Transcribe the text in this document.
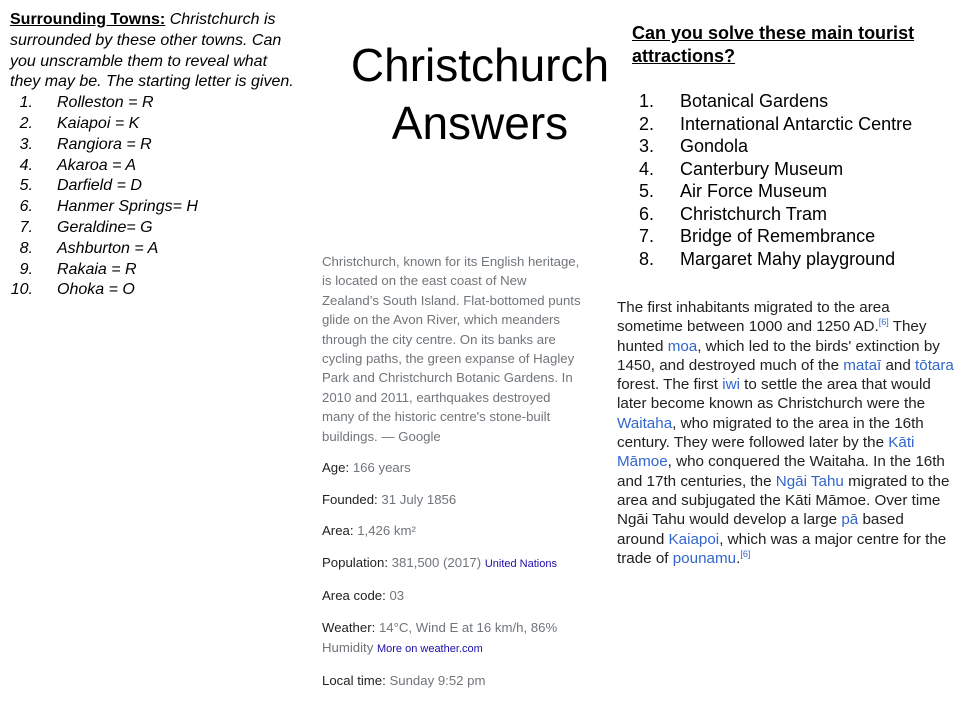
Surrounding Towns: Christchurch is surrounded by these other towns. Can you unscramble them to reveal what they may be. The starting letter is given.
1. Rolleston = R
2. Kaiapoi = K
3. Rangiora = R
4. Akaroa = A
5. Darfield = D
6. Hanmer Springs= H
7. Geraldine= G
8. Ashburton = A
9. Rakaia = R
10. Ohoka = O
Christchurch
Answers
Can you solve these main tourist attractions?
1. Botanical Gardens
2. International Antarctic Centre
3. Gondola
4. Canterbury Museum
5. Air Force Museum
6. Christchurch Tram
7. Bridge of Remembrance
8. Margaret Mahy playground
Christchurch, known for its English heritage, is located on the east coast of New Zealand’s South Island. Flat-bottomed punts glide on the Avon River, which meanders through the city centre. On its banks are cycling paths, the green expanse of Hagley Park and Christchurch Botanic Gardens. In 2010 and 2011, earthquakes destroyed many of the historic centre's stone-built buildings. — Google
Age: 166 years
Founded: 31 July 1856
Area: 1,426 km²
Population: 381,500 (2017) United Nations
Area code: 03
Weather: 14°C, Wind E at 16 km/h, 86% Humidity More on weather.com
Local time: Sunday 9:52 pm
The first inhabitants migrated to the area sometime between 1000 and 1250 AD.[6] They hunted moa, which led to the birds' extinction by 1450, and destroyed much of the mataī and tōtara forest. The first iwi to settle the area that would later become known as Christchurch were the Waitaha, who migrated to the area in the 16th century. They were followed later by the Kāti Māmoe, who conquered the Waitaha. In the 16th and 17th centuries, the Ngāi Tahu migrated to the area and subjugated the Kāti Māmoe. Over time Ngāi Tahu would develop a large pā based around Kaiapoi, which was a major centre for the trade of pounamu.[6]
